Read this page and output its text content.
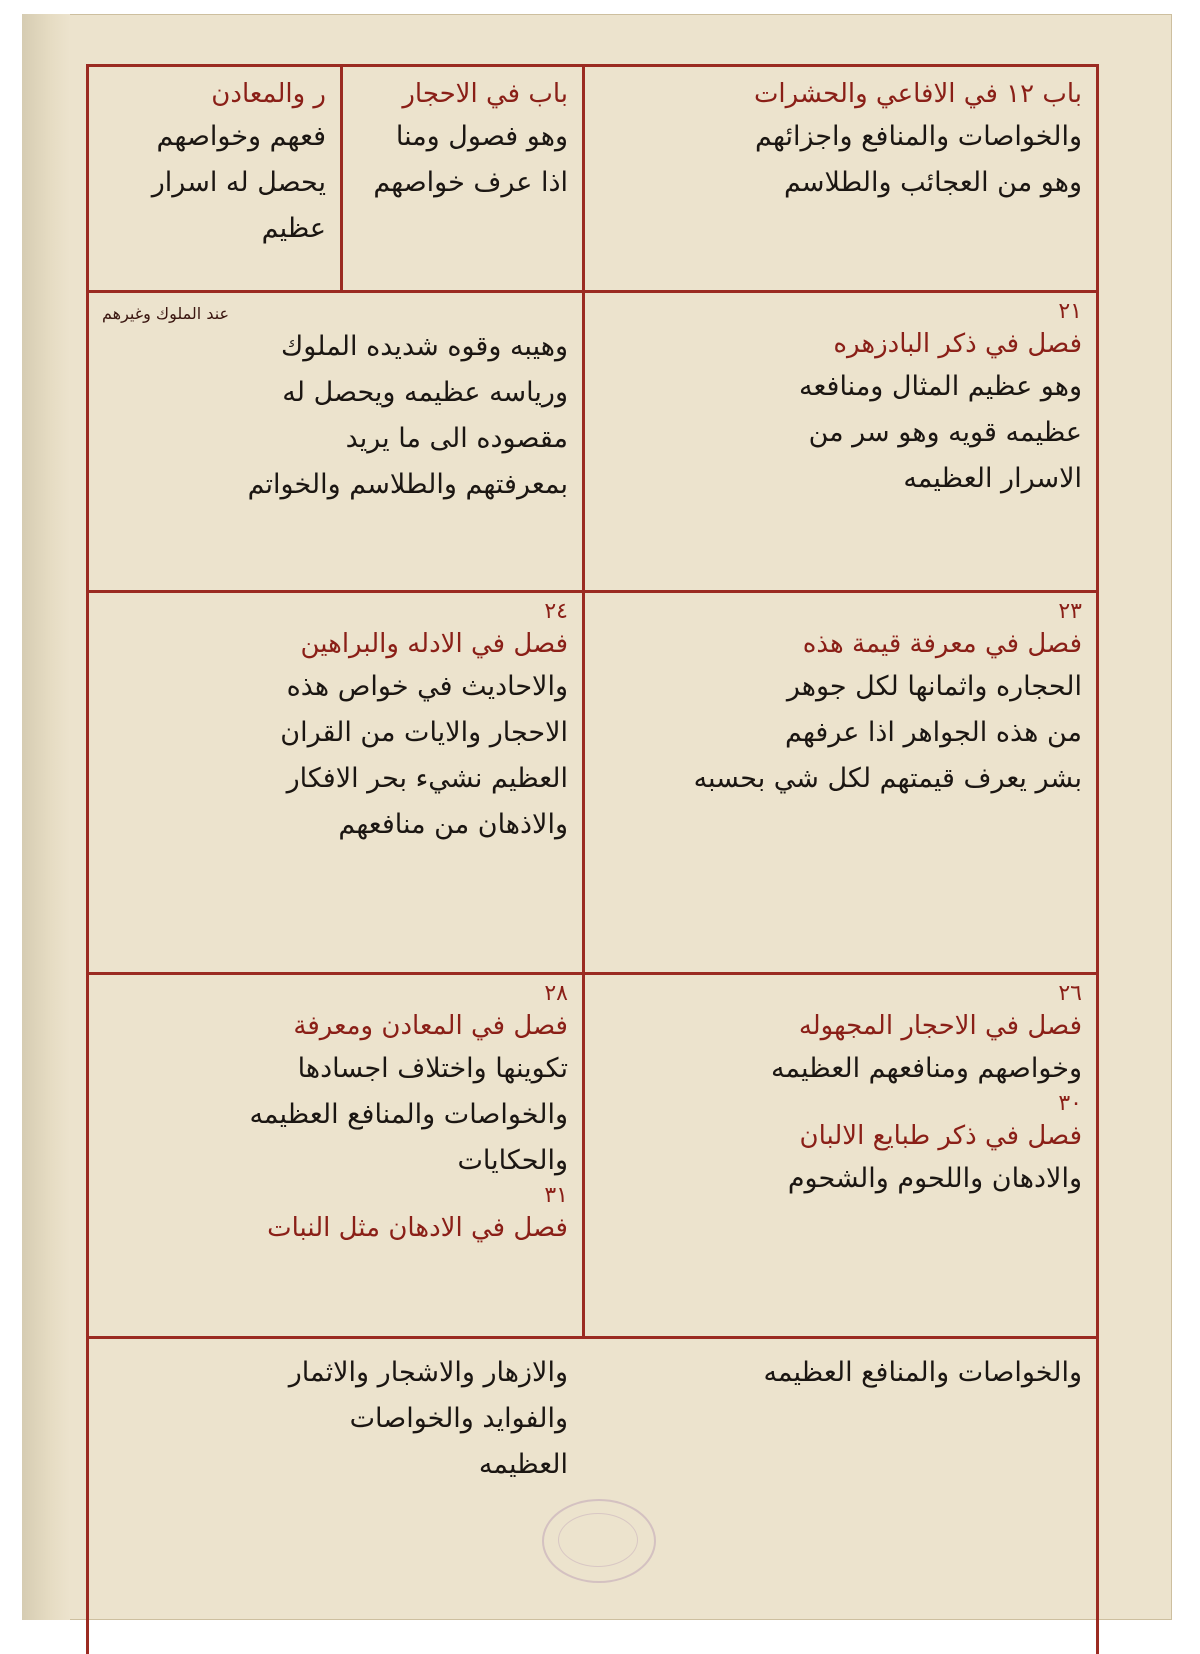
باب ١٢ في الافاعي والحشرات

والخواصات والمنافع واجزائهم

وهو من العجائب والطلاسم

باب في الاحجار

وهو فصول ومنا

اذا عرف خواصهم

ر والمعادن

فعهم وخواصهم

يحصل له اسرار عظيم

٢١

فصل في ذكر البادزهره

وهو عظيم المثال ومنافعه

عظيمه قويه وهو سر من

الاسرار العظيمه

وهيبه وقوه شديده الملوك

ورياسه عظيمه ويحصل له

مقصوده الى ما يريد

بمعرفتهم والطلاسم والخواتم

عند الملوك وغيرهم

٢٣

فصل في معرفة قيمة هذه

الحجاره واثمانها لكل جوهر

من هذه الجواهر اذا عرفهم

بشر يعرف قيمتهم لكل شي بحسبه

٢٤

فصل في الادله والبراهين

والاحاديث في خواص هذه

الاحجار والايات من القران

العظيم نشيء بحر الافكار

والاذهان من منافعهم

٢٦

فصل في الاحجار المجهوله

وخواصهم ومنافعهم العظيمه

٣٠

فصل في ذكر طبايع الالبان

والادهان واللحوم والشحوم

٢٨

فصل في المعادن ومعرفة

تكوينها واختلاف اجسادها

والخواصات والمنافع العظيمه

والحكايات

٣١

فصل في الادهان مثل النبات

والخواصات والمنافع العظيمه

والازهار والاشجار والاثمار

والفوايد والخواصات

العظيمه
